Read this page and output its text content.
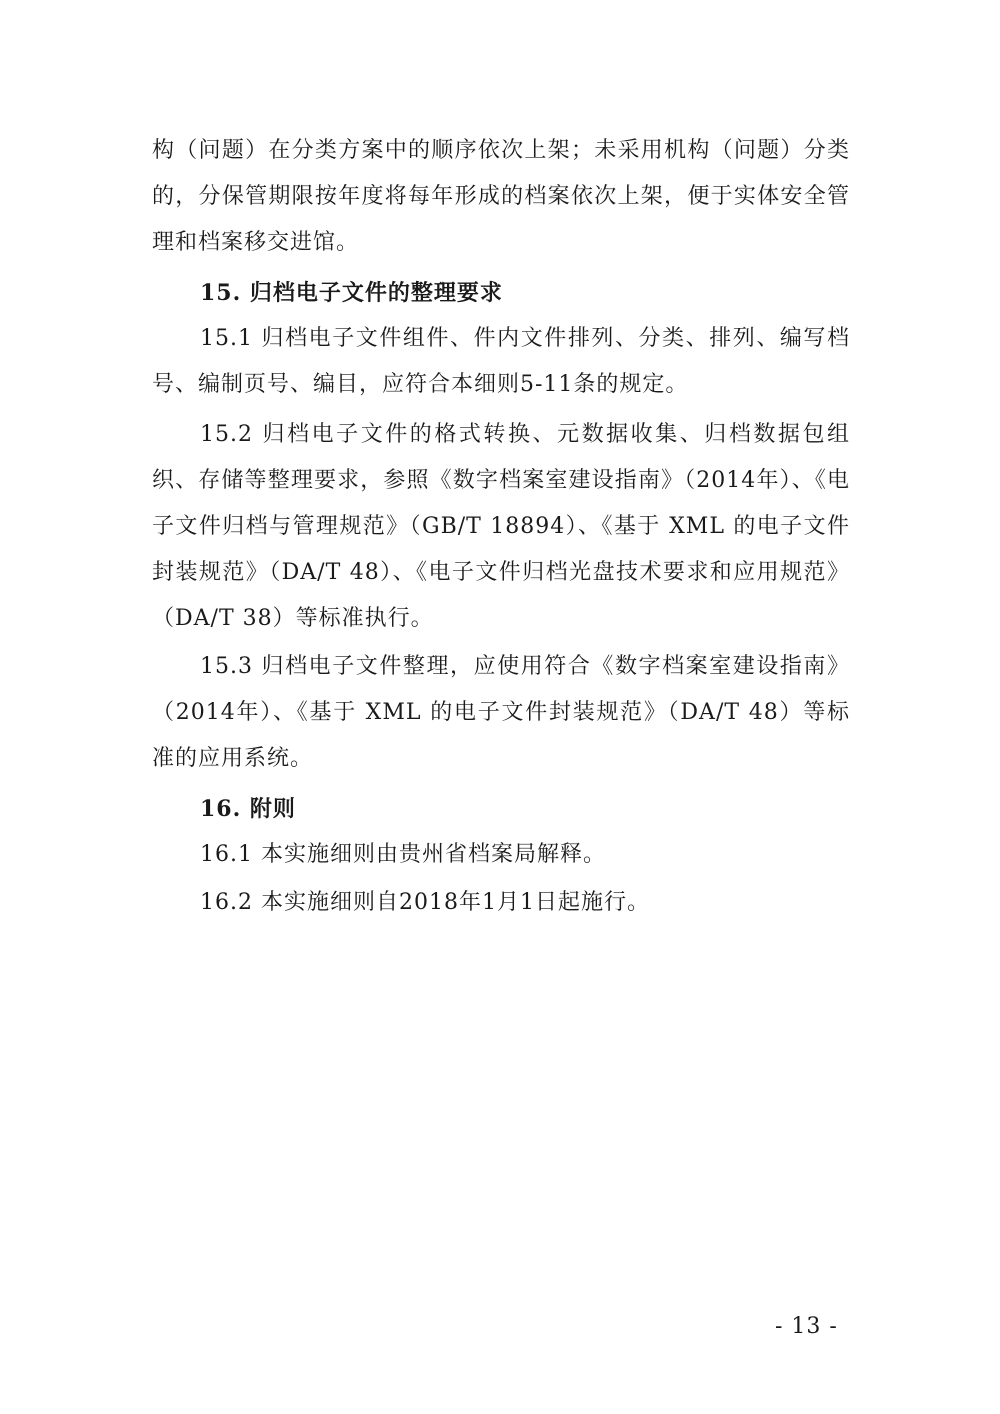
构（问题）在分类方案中的顺序依次上架；未采用机构（问题）分类的，分保管期限按年度将每年形成的档案依次上架，便于实体安全管理和档案移交进馆。

15. 归档电子文件的整理要求

15.1 归档电子文件组件、件内文件排列、分类、排列、编写档号、编制页号、编目，应符合本细则5-11条的规定。

15.2 归档电子文件的格式转换、元数据收集、归档数据包组织、存储等整理要求，参照《数字档案室建设指南》（2014年）、《电子文件归档与管理规范》（GB/T 18894）、《基于 XML 的电子文件封装规范》（DA/T 48）、《电子文件归档光盘技术要求和应用规范》（DA/T 38）等标准执行。

15.3 归档电子文件整理，应使用符合《数字档案室建设指南》（2014年）、《基于 XML 的电子文件封装规范》（DA/T 48）等标准的应用系统。

16. 附则

16.1 本实施细则由贵州省档案局解释。

16.2 本实施细则自2018年1月1日起施行。

- 13 -
